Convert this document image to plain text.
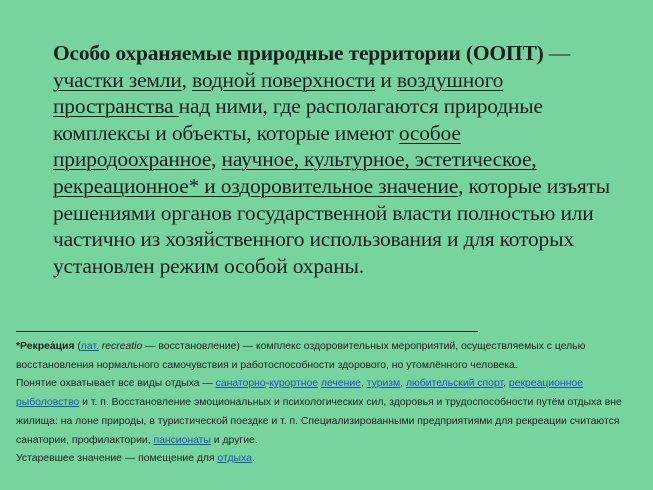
Особо охраняемые природные территории (ООПТ) — участки земли, водной поверхности и воздушного пространства над ними, где располагаются природные комплексы и объекты, которые имеют особое природоохранное, научное, культурное, эстетическое, рекреационное* и оздоровительное значение, которые изъяты решениями органов государственной власти полностью или частично из хозяйственного использования и для которых установлен режим особой охраны.
*Рекреа́ция (лат. recreatio — восстановление) — комплекс оздоровительных мероприятий, осуществляемых с целью восстановления нормального самочувствия и работоспособности здорового, но утомлённого человека.
Понятие охватывает все виды отдыха — санаторно-курортное лечение, туризм, любительский спорт, рекреационное рыболовство и т. п. Восстановление эмоциональных и психологических сил, здоровья и трудоспособности путём отдыха вне жилища: на лоне природы, в туристической поездке и т. п. Специализированными предприятиями для рекреации считаются санатории, профилактории, пансионаты и другие.
Устаревшее значение — помещение для отдыха.
